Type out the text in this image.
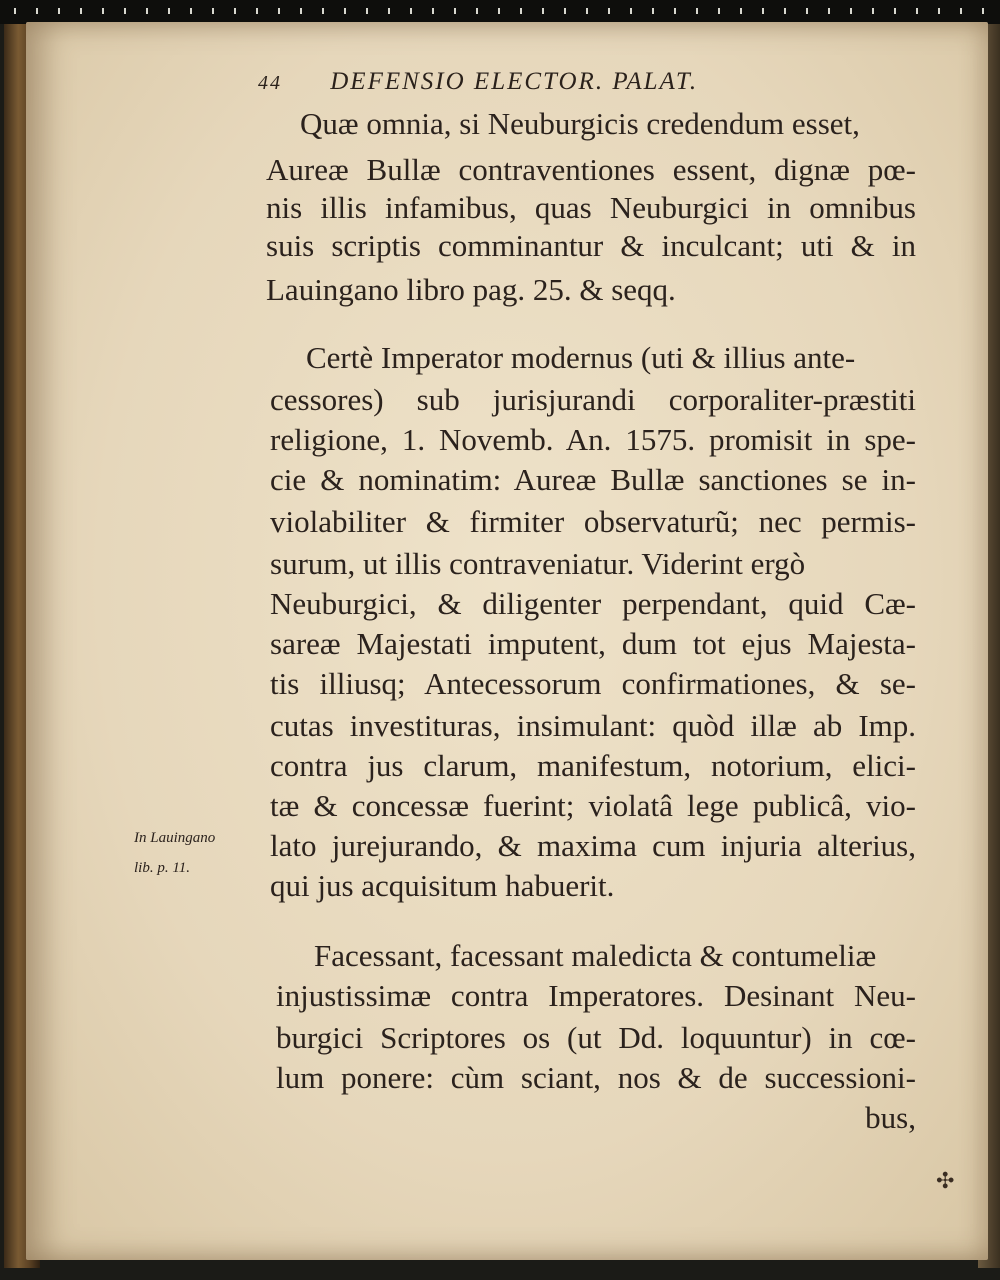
44 DEFENSIO ELECTOR. PALAT.
Quæ omnia, si Neuburgicis credendum esset,
Aureæ Bullæ contraventiones essent, dignæ pœ-
nis illis infamibus, quas Neuburgici in omnibus
suis scriptis comminantur & inculcant; uti & in
Lauingano libro pag. 25. & seqq.
Certè Imperator modernus (uti & illius ante-
cessores) sub jurisjurandi corporaliter-præstiti
religione, 1. Novemb. An. 1575. promisit in spe-
cie & nominatim: Aureæ Bullæ sanctiones se in-
violabiliter & firmiter observaturũ; nec permis-
surum, ut illis contraveniatur. Viderint ergò
Neuburgici, & diligenter perpendant, quid Cæ-
sareæ Majestati imputent, dum tot ejus Majesta-
tis illiusq; Antecessorum confirmationes, & se-
cutas investituras, insimulant: quòd illæ ab Imp.
contra jus clarum, manifestum, notorium, elici-
tæ & concessæ fuerint; violatâ lege publicâ, vio-
lato jurejurando, & maxima cum injuria alterius,
qui jus acquisitum habuerit.
Facessant, facessant maledicta & contumeliæ
injustissimæ contra Imperatores. Desinant Neu-
burgici Scriptores os (ut Dd. loquuntur) in cœ-
lum ponere: cùm sciant, nos & de successioni-
bus,
In Lauingano
lib. p. 11.
✣
